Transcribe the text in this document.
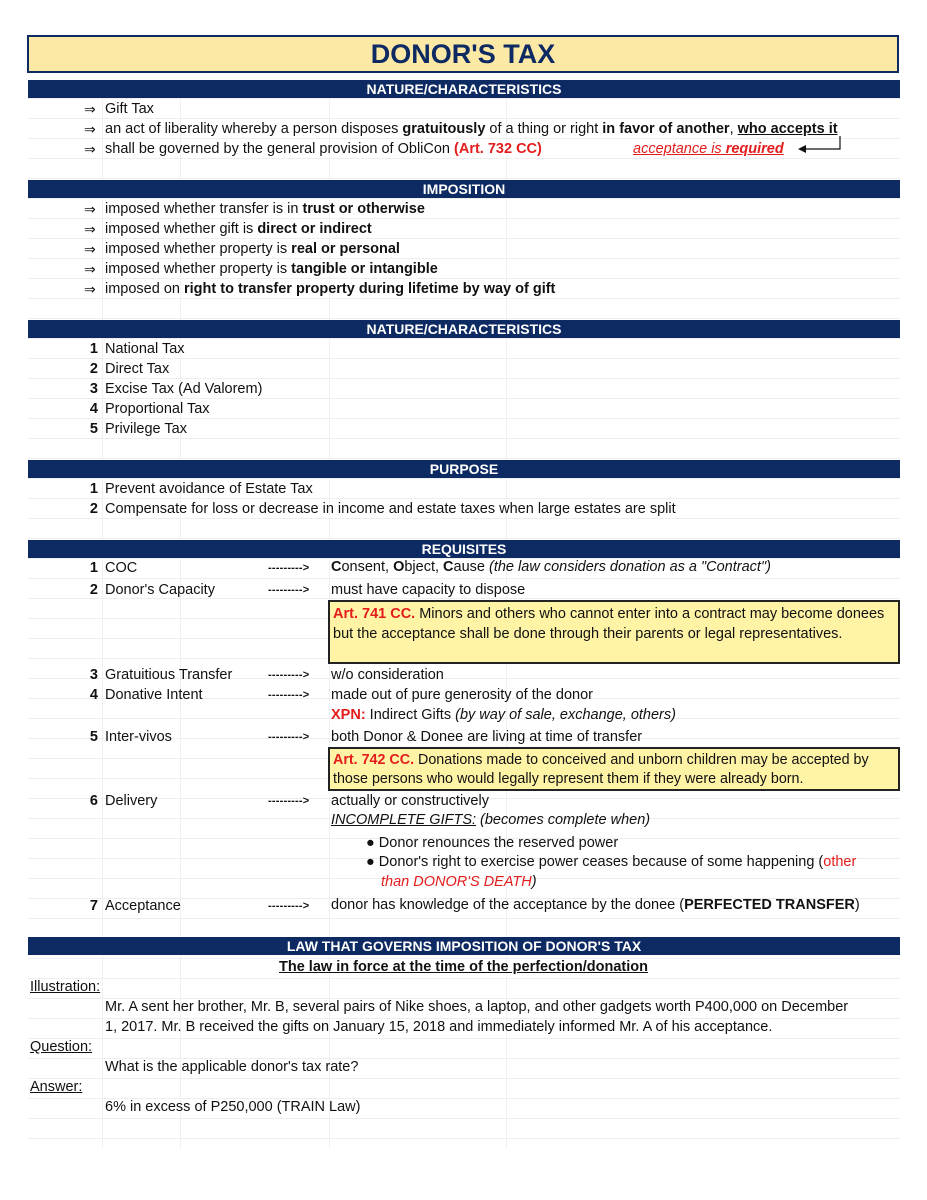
DONOR'S TAX
NATURE/CHARACTERISTICS
⇒ Gift Tax
⇒ an act of liberality whereby a person disposes gratuitously of a thing or right in favor of another, who accepts it
⇒ shall be governed by the general provision of ObliCon (Art. 732 CC)	acceptance is required
IMPOSITION
⇒ imposed whether transfer is in trust or otherwise
⇒ imposed whether gift is direct or indirect
⇒ imposed whether property is real or personal
⇒ imposed whether property is tangible or intangible
⇒ imposed on right to transfer property during lifetime by way of gift
NATURE/CHARACTERISTICS
1 National Tax
2 Direct Tax
3 Excise Tax (Ad Valorem)
4 Proportional Tax
5 Privilege Tax
PURPOSE
1 Prevent avoidance of Estate Tax
2 Compensate for loss or decrease in income and estate taxes when large estates are split
REQUISITES
1 COC	---------> Consent, Object, Cause (the law considers donation as a "Contract")
2 Donor's Capacity	---------> must have capacity to dispose
Art. 741 CC. Minors and others who cannot enter into a contract may become donees but the acceptance shall be done through their parents or legal representatives.
3 Gratuitious Transfer	---------> w/o consideration
4 Donative Intent	---------> made out of pure generosity of the donor
XPN: Indirect Gifts (by way of sale, exchange, others)
5 Inter-vivos	---------> both Donor & Donee are living at time of transfer
Art. 742 CC. Donations made to conceived and unborn children may be accepted by those persons who would legally represent them if they were already born.
6 Delivery	---------> actually or constructively
INCOMPLETE GIFTS: (becomes complete when)
● Donor renounces the reserved power
● Donor's right to exercise power ceases because of some happening (other
than DONOR'S DEATH)
7 Acceptance	---------> donor has knowledge of the acceptance by the donee (PERFECTED TRANSFER)
LAW THAT GOVERNS IMPOSITION OF DONOR'S TAX
The law in force at the time of the perfection/donation
Illustration:
Mr. A sent her brother, Mr. B, several pairs of Nike shoes, a laptop, and other gadgets worth P400,000 on December
1, 2017. Mr. B received the gifts on January 15, 2018 and immediately informed Mr. A of his acceptance.
Question:
What is the applicable donor's tax rate?
Answer:
6% in excess of P250,000 (TRAIN Law)
